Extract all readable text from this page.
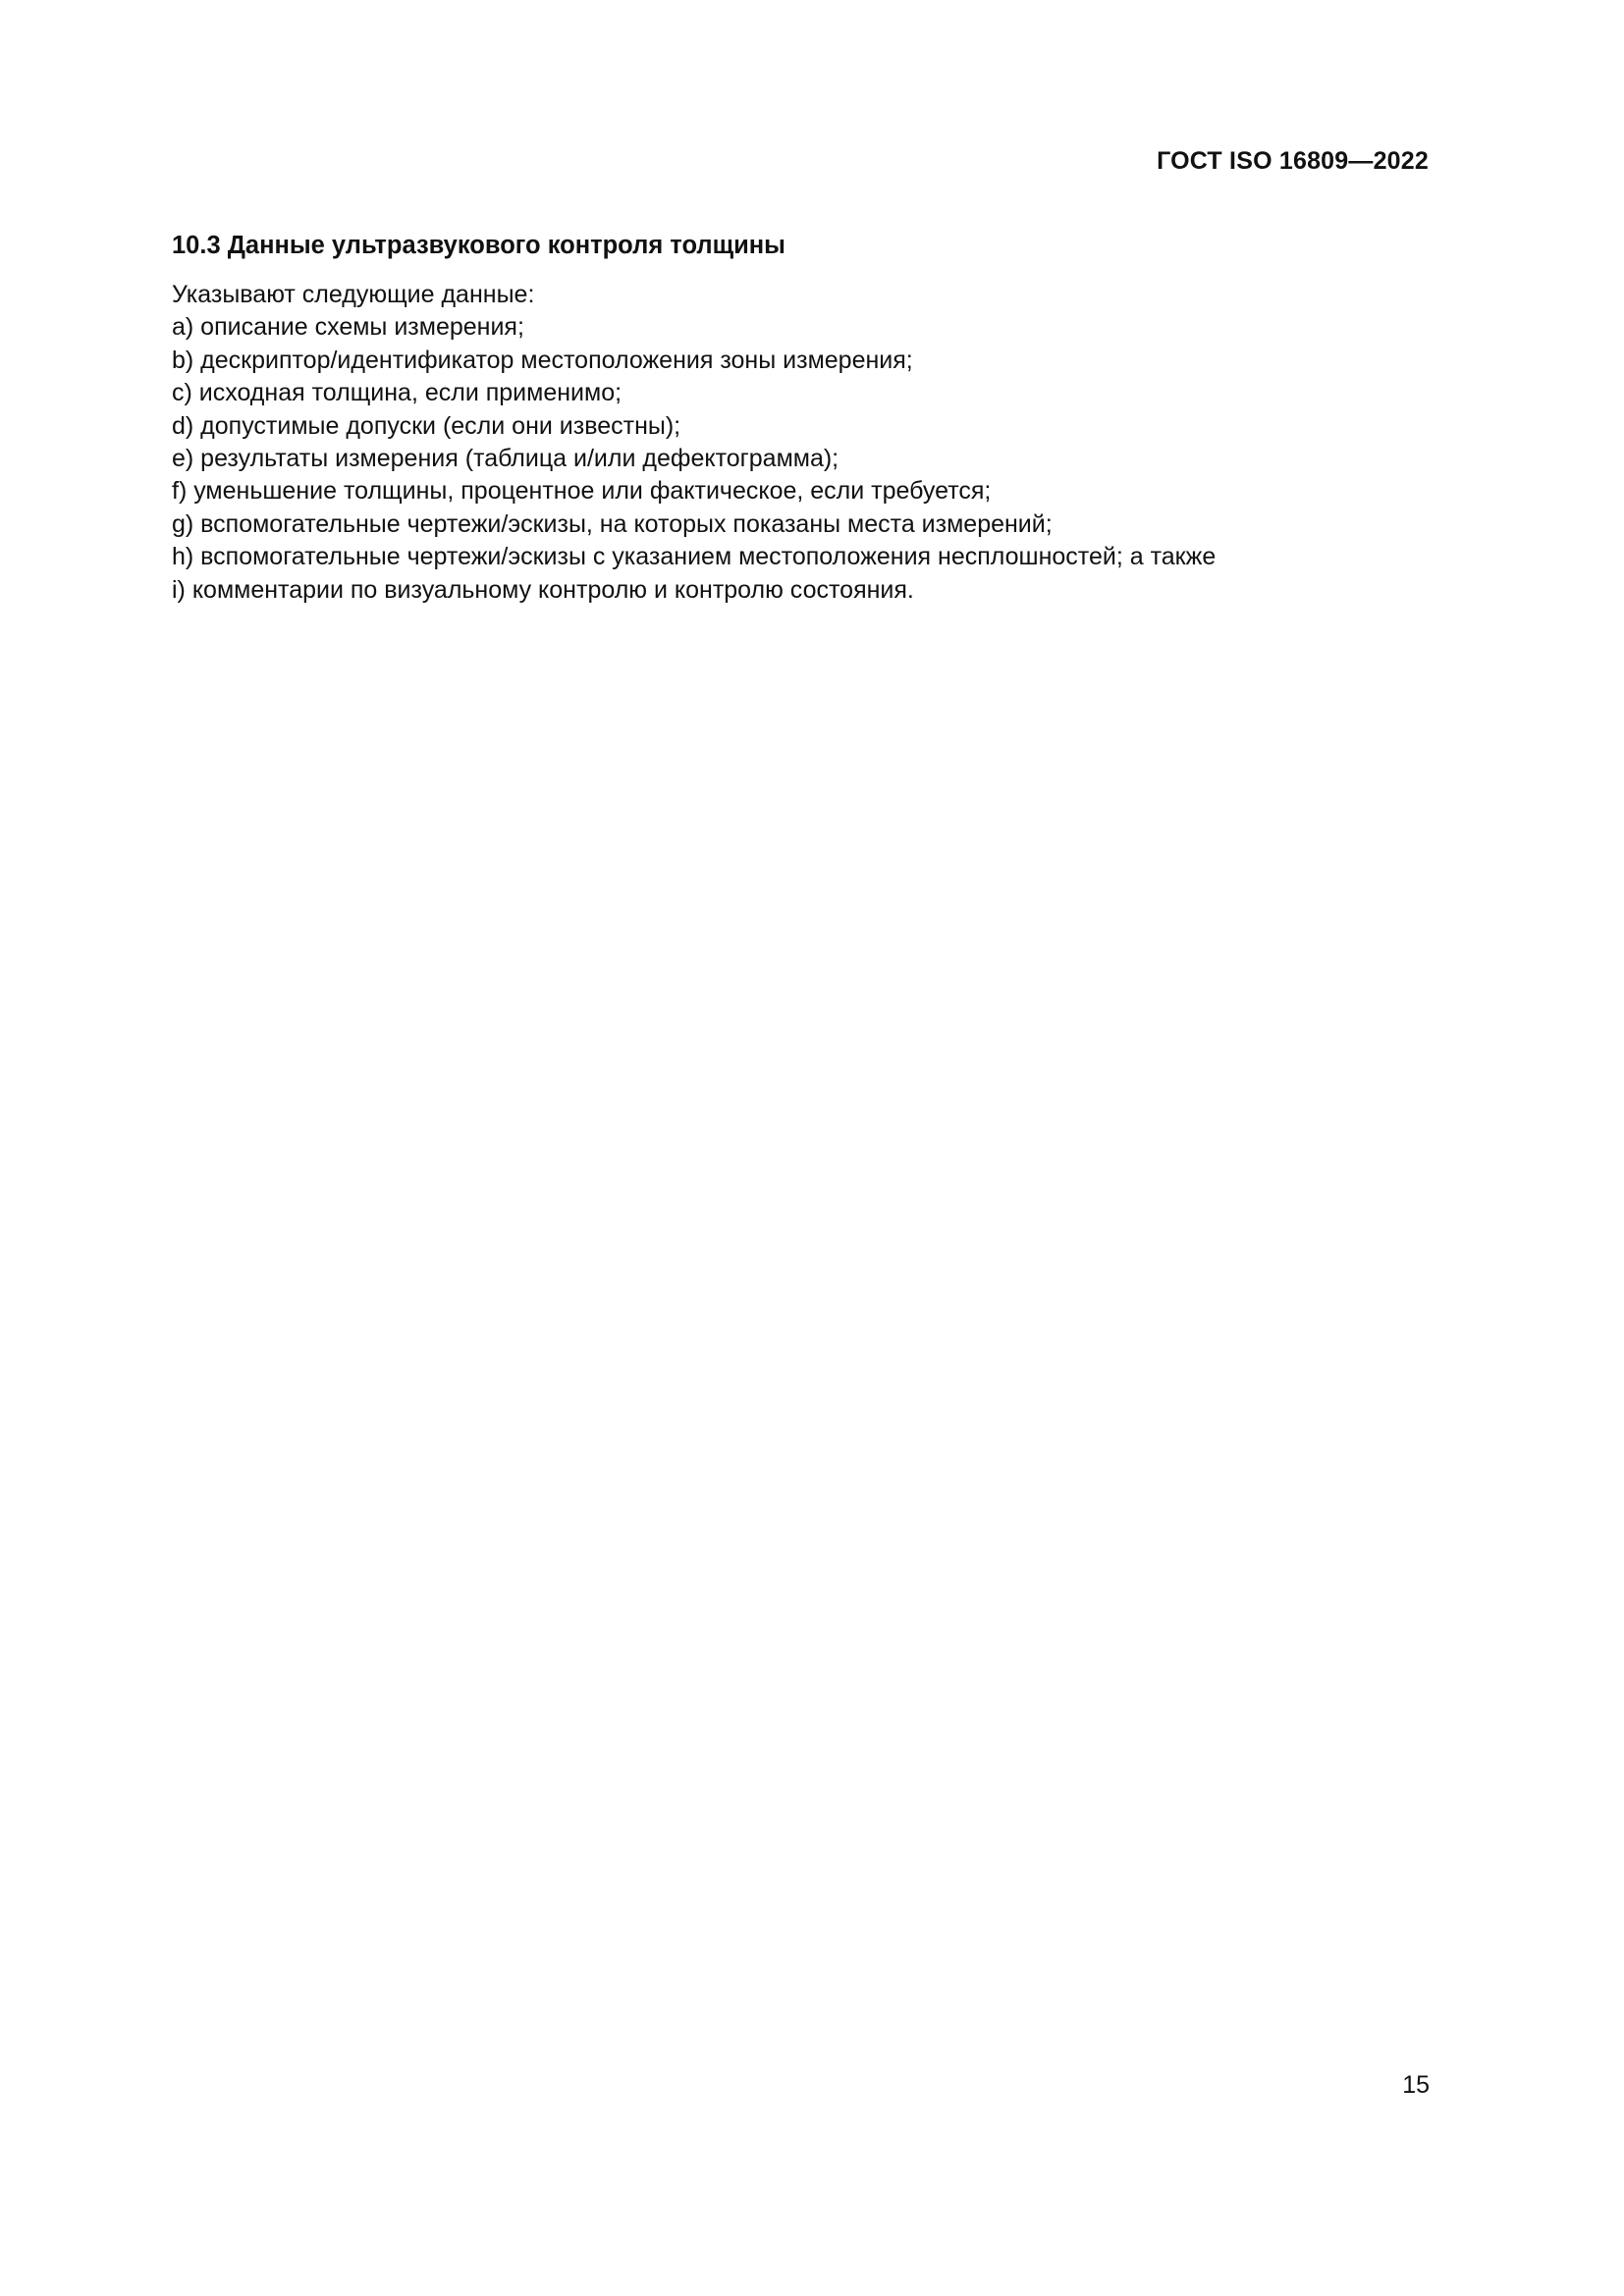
ГОСТ ISO 16809—2022
10.3 Данные ультразвукового контроля толщины
Указывают следующие данные:
a) описание схемы измерения;
b) дескриптор/идентификатор местоположения зоны измерения;
c) исходная толщина, если применимо;
d) допустимые допуски (если они известны);
e) результаты измерения (таблица и/или дефектограмма);
f) уменьшение толщины, процентное или фактическое, если требуется;
g) вспомогательные чертежи/эскизы, на которых показаны места измерений;
h) вспомогательные чертежи/эскизы с указанием местоположения несплошностей; а также
i) комментарии по визуальному контролю и контролю состояния.
15
